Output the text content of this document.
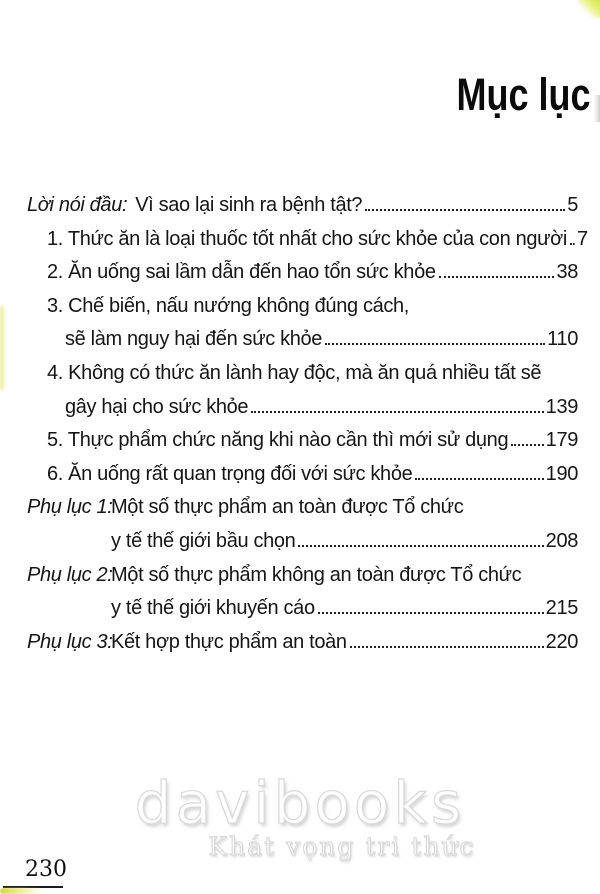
Mục lục
Lời nói đầu: Vì sao lại sinh ra bệnh tật?	5
1. Thức ăn là loại thuốc tốt nhất cho sức khỏe của con người 7
2. Ăn uống sai lầm dẫn đến hao tổn sức khỏe	38
3. Chế biến, nấu nướng không đúng cách,
sẽ làm nguy hại đến sức khỏe	110
4. Không có thức ăn lành hay độc, mà ăn quá nhiều tất sẽ
gây hại cho sức khỏe	139
5. Thực phẩm chức năng khi nào cần thì mới sử dụng 179
6. Ăn uống rất quan trọng đối với sức khỏe	190
Phụ lục 1:
Một số thực phẩm an toàn được Tổ chức
y tế thế giới bầu chọn	208
Phụ lục 2:
Một số thực phẩm không an toàn được Tổ chức
y tế thế giới khuyến cáo	215
Phụ lục 3:
Kết hợp thực phẩm an toàn	220
davibooks
Khát vọng tri thức
230
